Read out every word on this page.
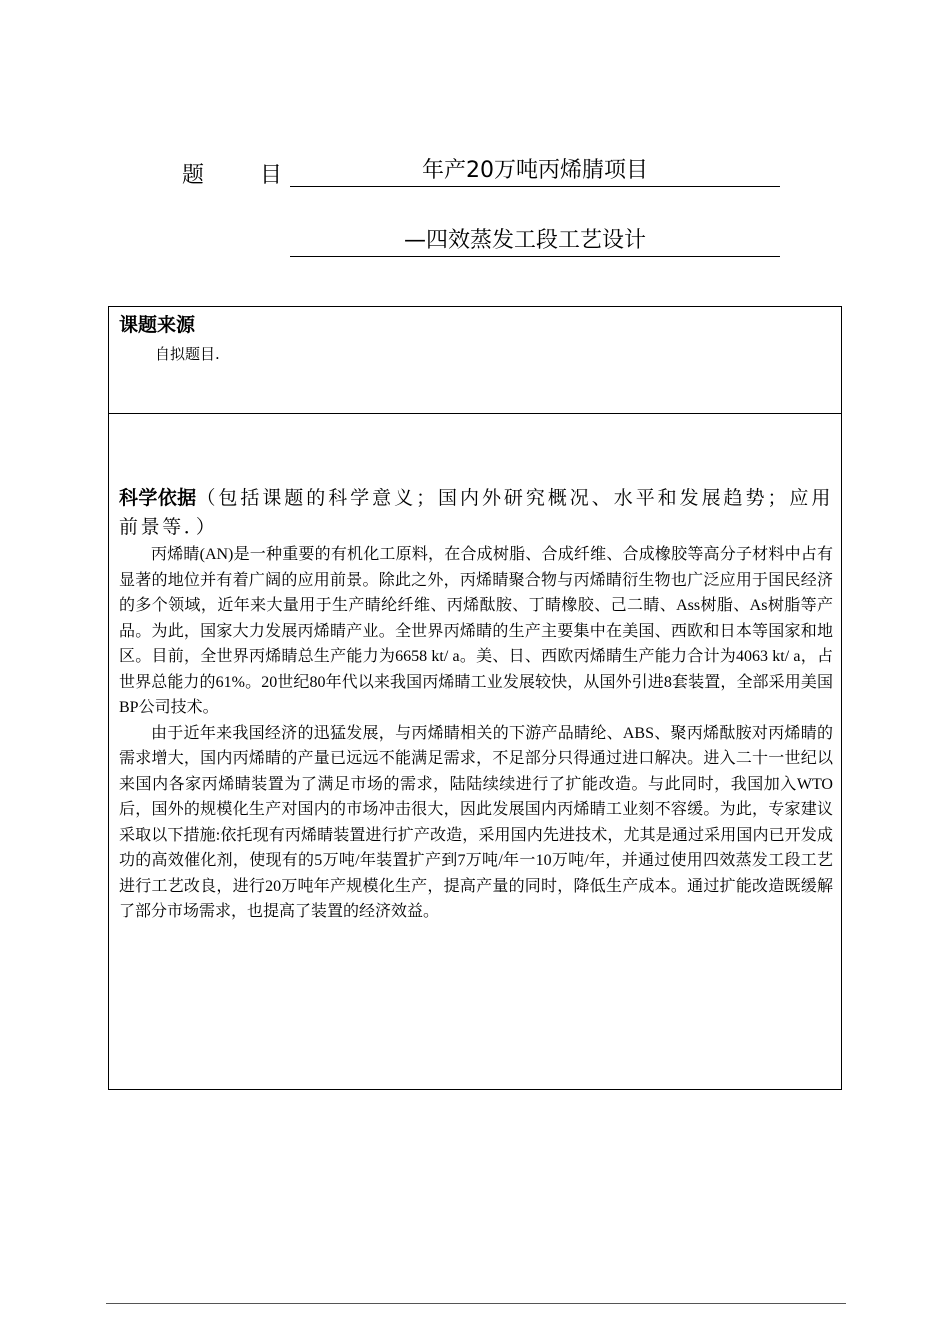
题	目	年产20万吨丙烯腈项目
—四效蒸发工段工艺设计
课题来源
自拟题目.
科学依据（包括课题的科学意义；国内外研究概况、水平和发展趋势；应用前景等．）

丙烯睛(AN)是一种重要的有机化工原料，在合成树脂、合成纤维、合成橡胶等高分子材料中占有显著的地位并有着广阔的应用前景。除此之外，丙烯睛聚合物与丙烯睛衍生物也广泛应用于国民经济的多个领域，近年来大量用于生产睛纶纤维、丙烯酞胺、丁睛橡胶、己二睛、Ass树脂、As树脂等产品。为此，国家大力发展丙烯睛产业。全世界丙烯睛的生产主要集中在美国、西欧和日本等国家和地区。目前，全世界丙烯睛总生产能力为6658 kt/ a。美、日、西欧丙烯睛生产能力合计为4063 kt/ a，占世界总能力的61%。20世纪80年代以来我国丙烯睛工业发展较快，从国外引进8套装置，全部采用美国BP公司技术。

由于近年来我国经济的迅猛发展，与丙烯睛相关的下游产品睛纶、ABS、聚丙烯酞胺对丙烯睛的需求增大，国内丙烯睛的产量已远远不能满足需求，不足部分只得通过进口解决。进入二十一世纪以来国内各家丙烯睛装置为了满足市场的需求，陆陆续续进行了扩能改造。与此同时，我国加入WTO后，国外的规模化生产对国内的市场冲击很大，因此发展国内丙烯睛工业刻不容缓。为此，专家建议采取以下措施:依托现有丙烯睛装置进行扩产改造，采用国内先进技术，尤其是通过采用国内已开发成功的高效催化剂，使现有的5万吨/年装置扩产到7万吨/年一10万吨/年，并通过使用四效蒸发工段工艺进行工艺改良，进行20万吨年产规模化生产，提高产量的同时，降低生产成本。通过扩能改造既缓解了部分市场需求，也提高了装置的经济效益。
